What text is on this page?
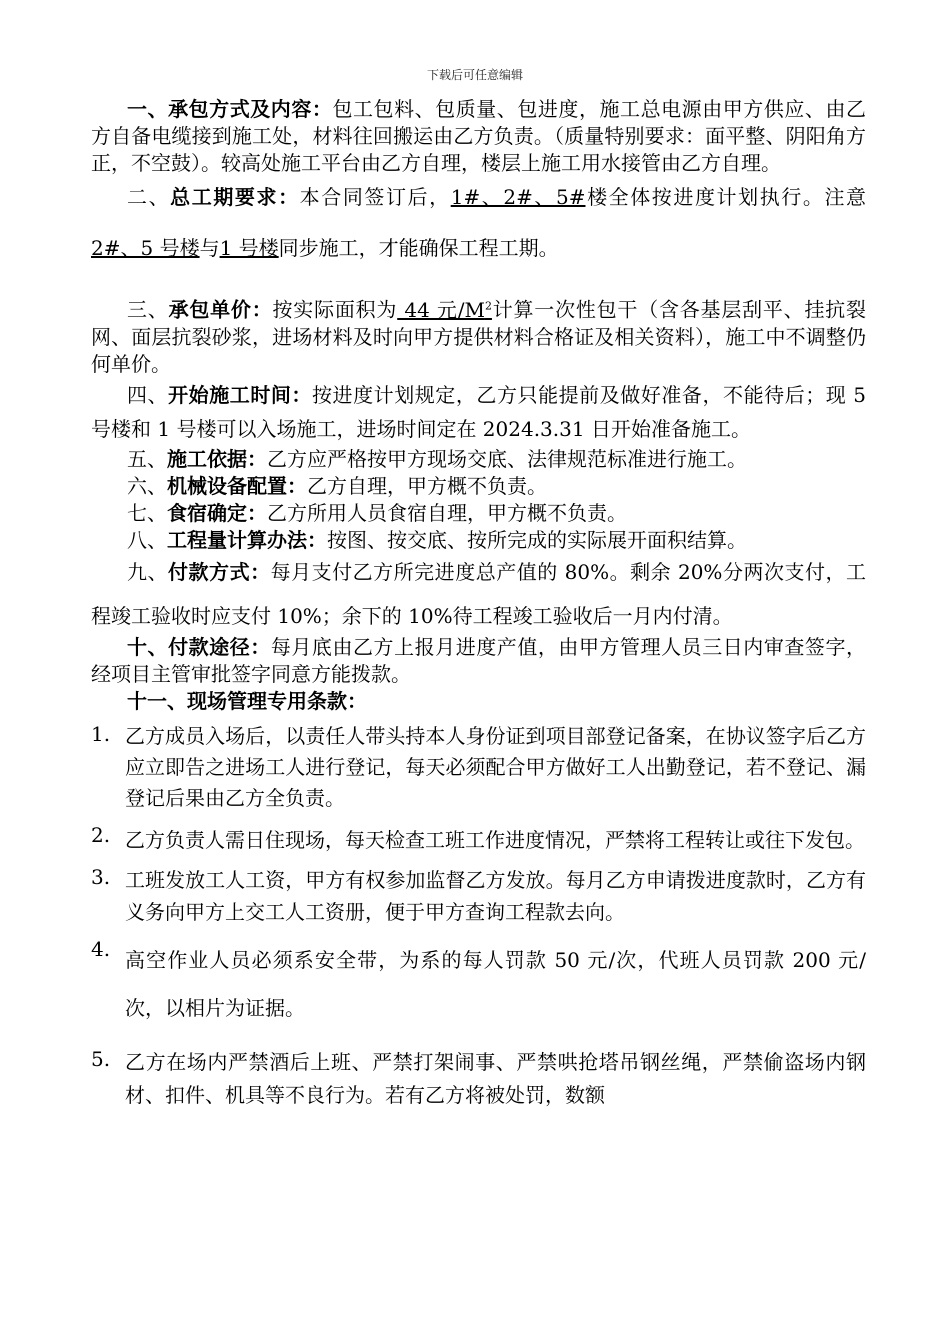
下载后可任意编辑

一、承包方式及内容：包工包料、包质量、包进度，施工总电源由甲方供应、由乙方自备电缆接到施工处，材料往回搬运由乙方负责。（质量特别要求：面平整、阴阳角方正，不空鼓）。较高处施工平台由乙方自理，楼层上施工用水接管由乙方自理。

二、总工期要求：本合同签订后，1#、2#、5#楼全体按进度计划执行。注意 2#、5 号楼与1 号楼同步施工，才能确保工程工期。

三、承包单价：按实际面积为 44 元$/M^2$计算一次性包干（含各基层刮平、挂抗裂网、面层抗裂砂浆，进场材料及时向甲方提供材料合格证及相关资料），施工中不调整仍何单价。

四、开始施工时间：按进度计划规定，乙方只能提前及做好准备，不能待后；现 5 号楼和 1 号楼可以入场施工，进场时间定在 2024.3.31 日开始准备施工。

五、施工依据：乙方应严格按甲方现场交底、法律规范标准进行施工。

六、机械设备配置：乙方自理，甲方概不负责。

七、食宿确定：乙方所用人员食宿自理，甲方概不负责。

八、工程量计算办法：按图、按交底、按所完成的实际展开面积结算。

九、付款方式：每月支付乙方所完进度总产值的 80%。剩余 20%分两次支付，工程竣工验收时应支付 10%；余下的 10%待工程竣工验收后一月内付清。

十、付款途径：每月底由乙方上报月进度产值，由甲方管理人员三日内审查签字，经项目主管审批签字同意方能拨款。

十一、现场管理专用条款：

1. 乙方成员入场后，以责任人带头持本人身份证到项目部登记备案，在协议签字后乙方应立即告之进场工人进行登记，每天必须配合甲方做好工人出勤登记，若不登记、漏登记后果由乙方全负责。
2. 乙方负责人需日住现场，每天检查工班工作进度情况，严禁将工程转让或往下发包。
3. 工班发放工人工资，甲方有权参加监督乙方发放。每月乙方申请拨进度款时，乙方有义务向甲方上交工人工资册，便于甲方查询工程款去向。
4. 高空作业人员必须系安全带，为系的每人罚款 50 元/次，代班人员罚款 200 元/次，以相片为证据。
5. 乙方在场内严禁酒后上班、严禁打架闹事、严禁哄抢塔吊钢丝绳，严禁偷盗场内钢材、扣件、机具等不良行为。若有乙方将被处罚，数额
